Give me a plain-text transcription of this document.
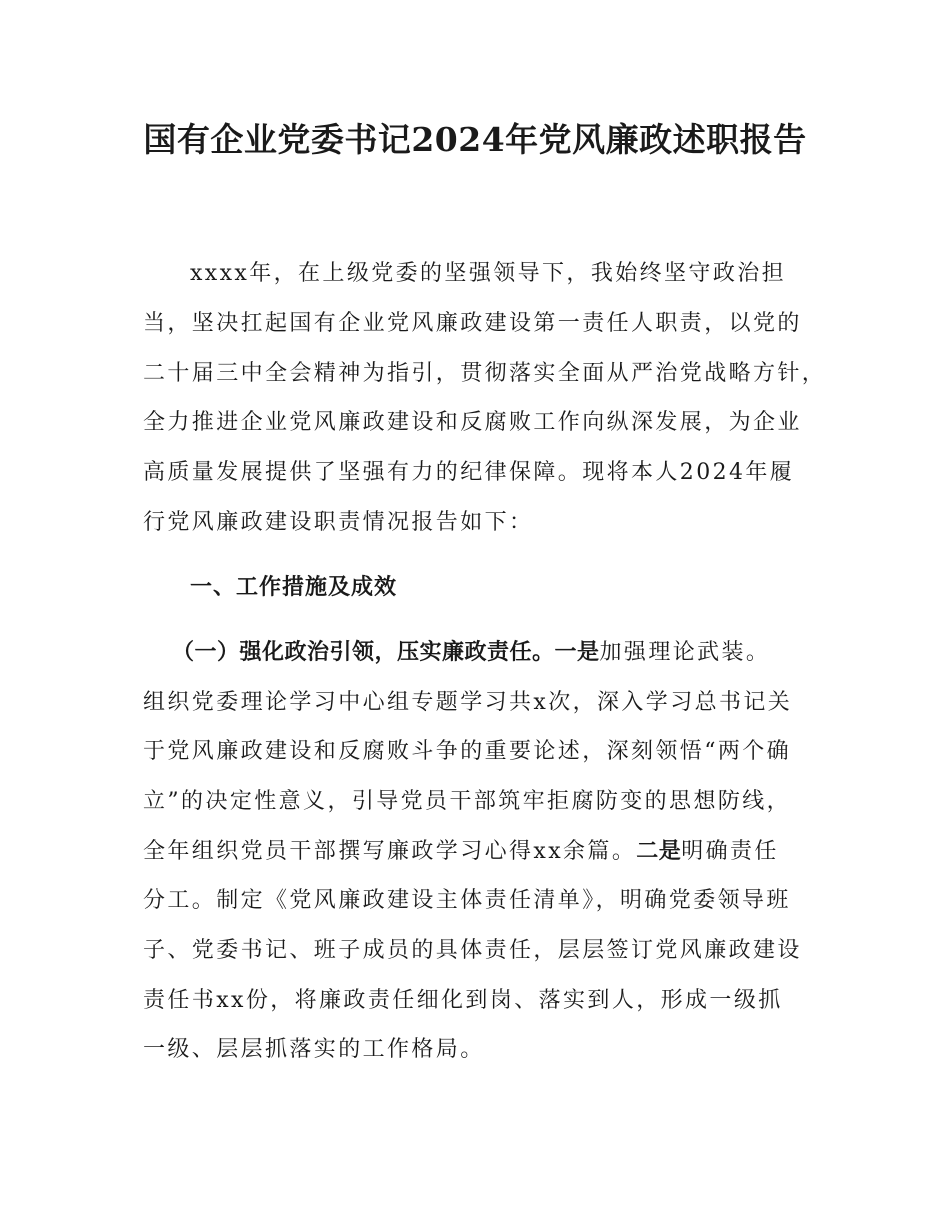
国有企业党委书记2024年党风廉政述职报告
xxxx年，在上级党委的坚强领导下，我始终坚守政治担
当，坚决扛起国有企业党风廉政建设第一责任人职责，以党的
二十届三中全会精神为指引，贯彻落实全面从严治党战略方针，
全力推进企业党风廉政建设和反腐败工作向纵深发展，为企业
高质量发展提供了坚强有力的纪律保障。现将本人2024年履
行党风廉政建设职责情况报告如下：
一、工作措施及成效
（一）强化政治引领，压实廉政责任。一是加强理论武装。
组织党委理论学习中心组专题学习共x次，深入学习总书记关
于党风廉政建设和反腐败斗争的重要论述，深刻领悟“两个确
立”的决定性意义，引导党员干部筑牢拒腐防变的思想防线，
全年组织党员干部撰写廉政学习心得xx余篇。二是明确责任
分工。制定《党风廉政建设主体责任清单》，明确党委领导班
子、党委书记、班子成员的具体责任，层层签订党风廉政建设
责任书xx份，将廉政责任细化到岗、落实到人，形成一级抓
一级、层层抓落实的工作格局。
